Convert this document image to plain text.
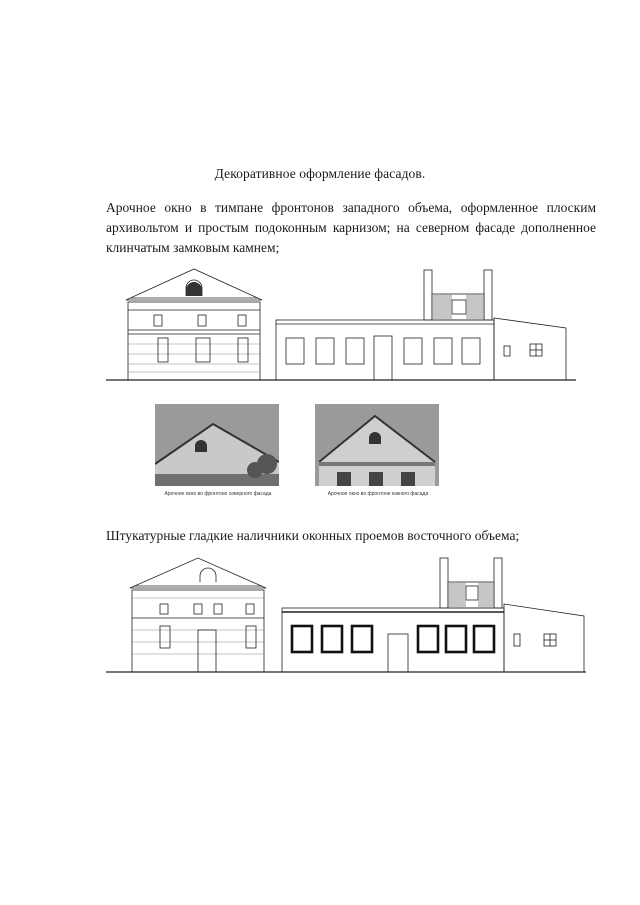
Декоративное оформление фасадов.
Арочное окно в тимпане фронтонов западного объема, оформленное плоским архивольтом и простым подоконным карнизом; на северном фасаде дополненное клинчатым замковым камнем;
Арочное окно во фронтоне северного фасада	Арочное окно во фронтоне южного фасада
Штукатурные гладкие наличники оконных проемов восточного объема;
